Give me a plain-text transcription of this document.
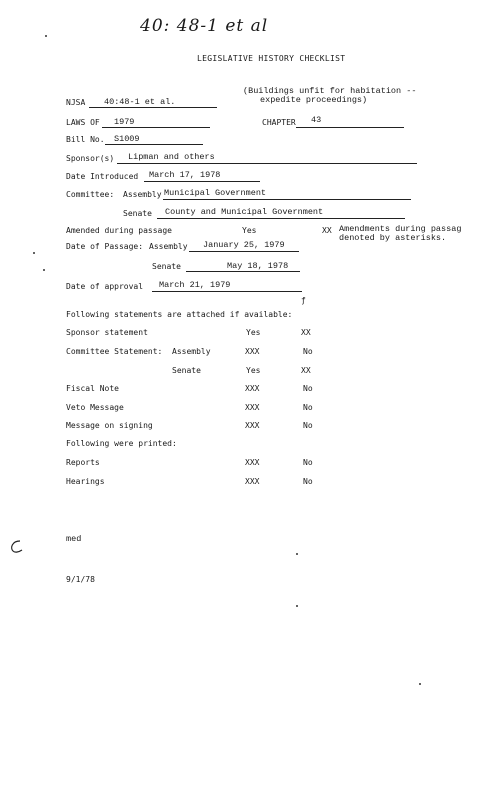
40: 48-1 et al
LEGISLATIVE HISTORY CHECKLIST
(Buildings unfit for habitation --
expedite proceedings)
NJSA 40:48-1 et al.
LAWS OF 1979	CHAPTER 43
Bill No. S1009
Sponsor(s) Lipman and others
Date Introduced March 17, 1978
Committee: Assembly Municipal Government
Senate County and Municipal Government
Amended during passage	Yes	XX Amendments during passag
denoted by asterisks.
Date of Passage: Assembly January 25, 1979
Senate	May 18, 1978
Date of approval March 21, 1979
ƒ
Following statements are attached if available:
Sponsor statement	Yes	XX
Committee Statement: Assembly	XXX	No
Senate	Yes	XX
Fiscal Note	XXX	No
Veto Message	XXX	No
Message on signing	XXX	No
Following were printed:
Reports	XXX	No
Hearings	XXX	No
med
9/1/78
